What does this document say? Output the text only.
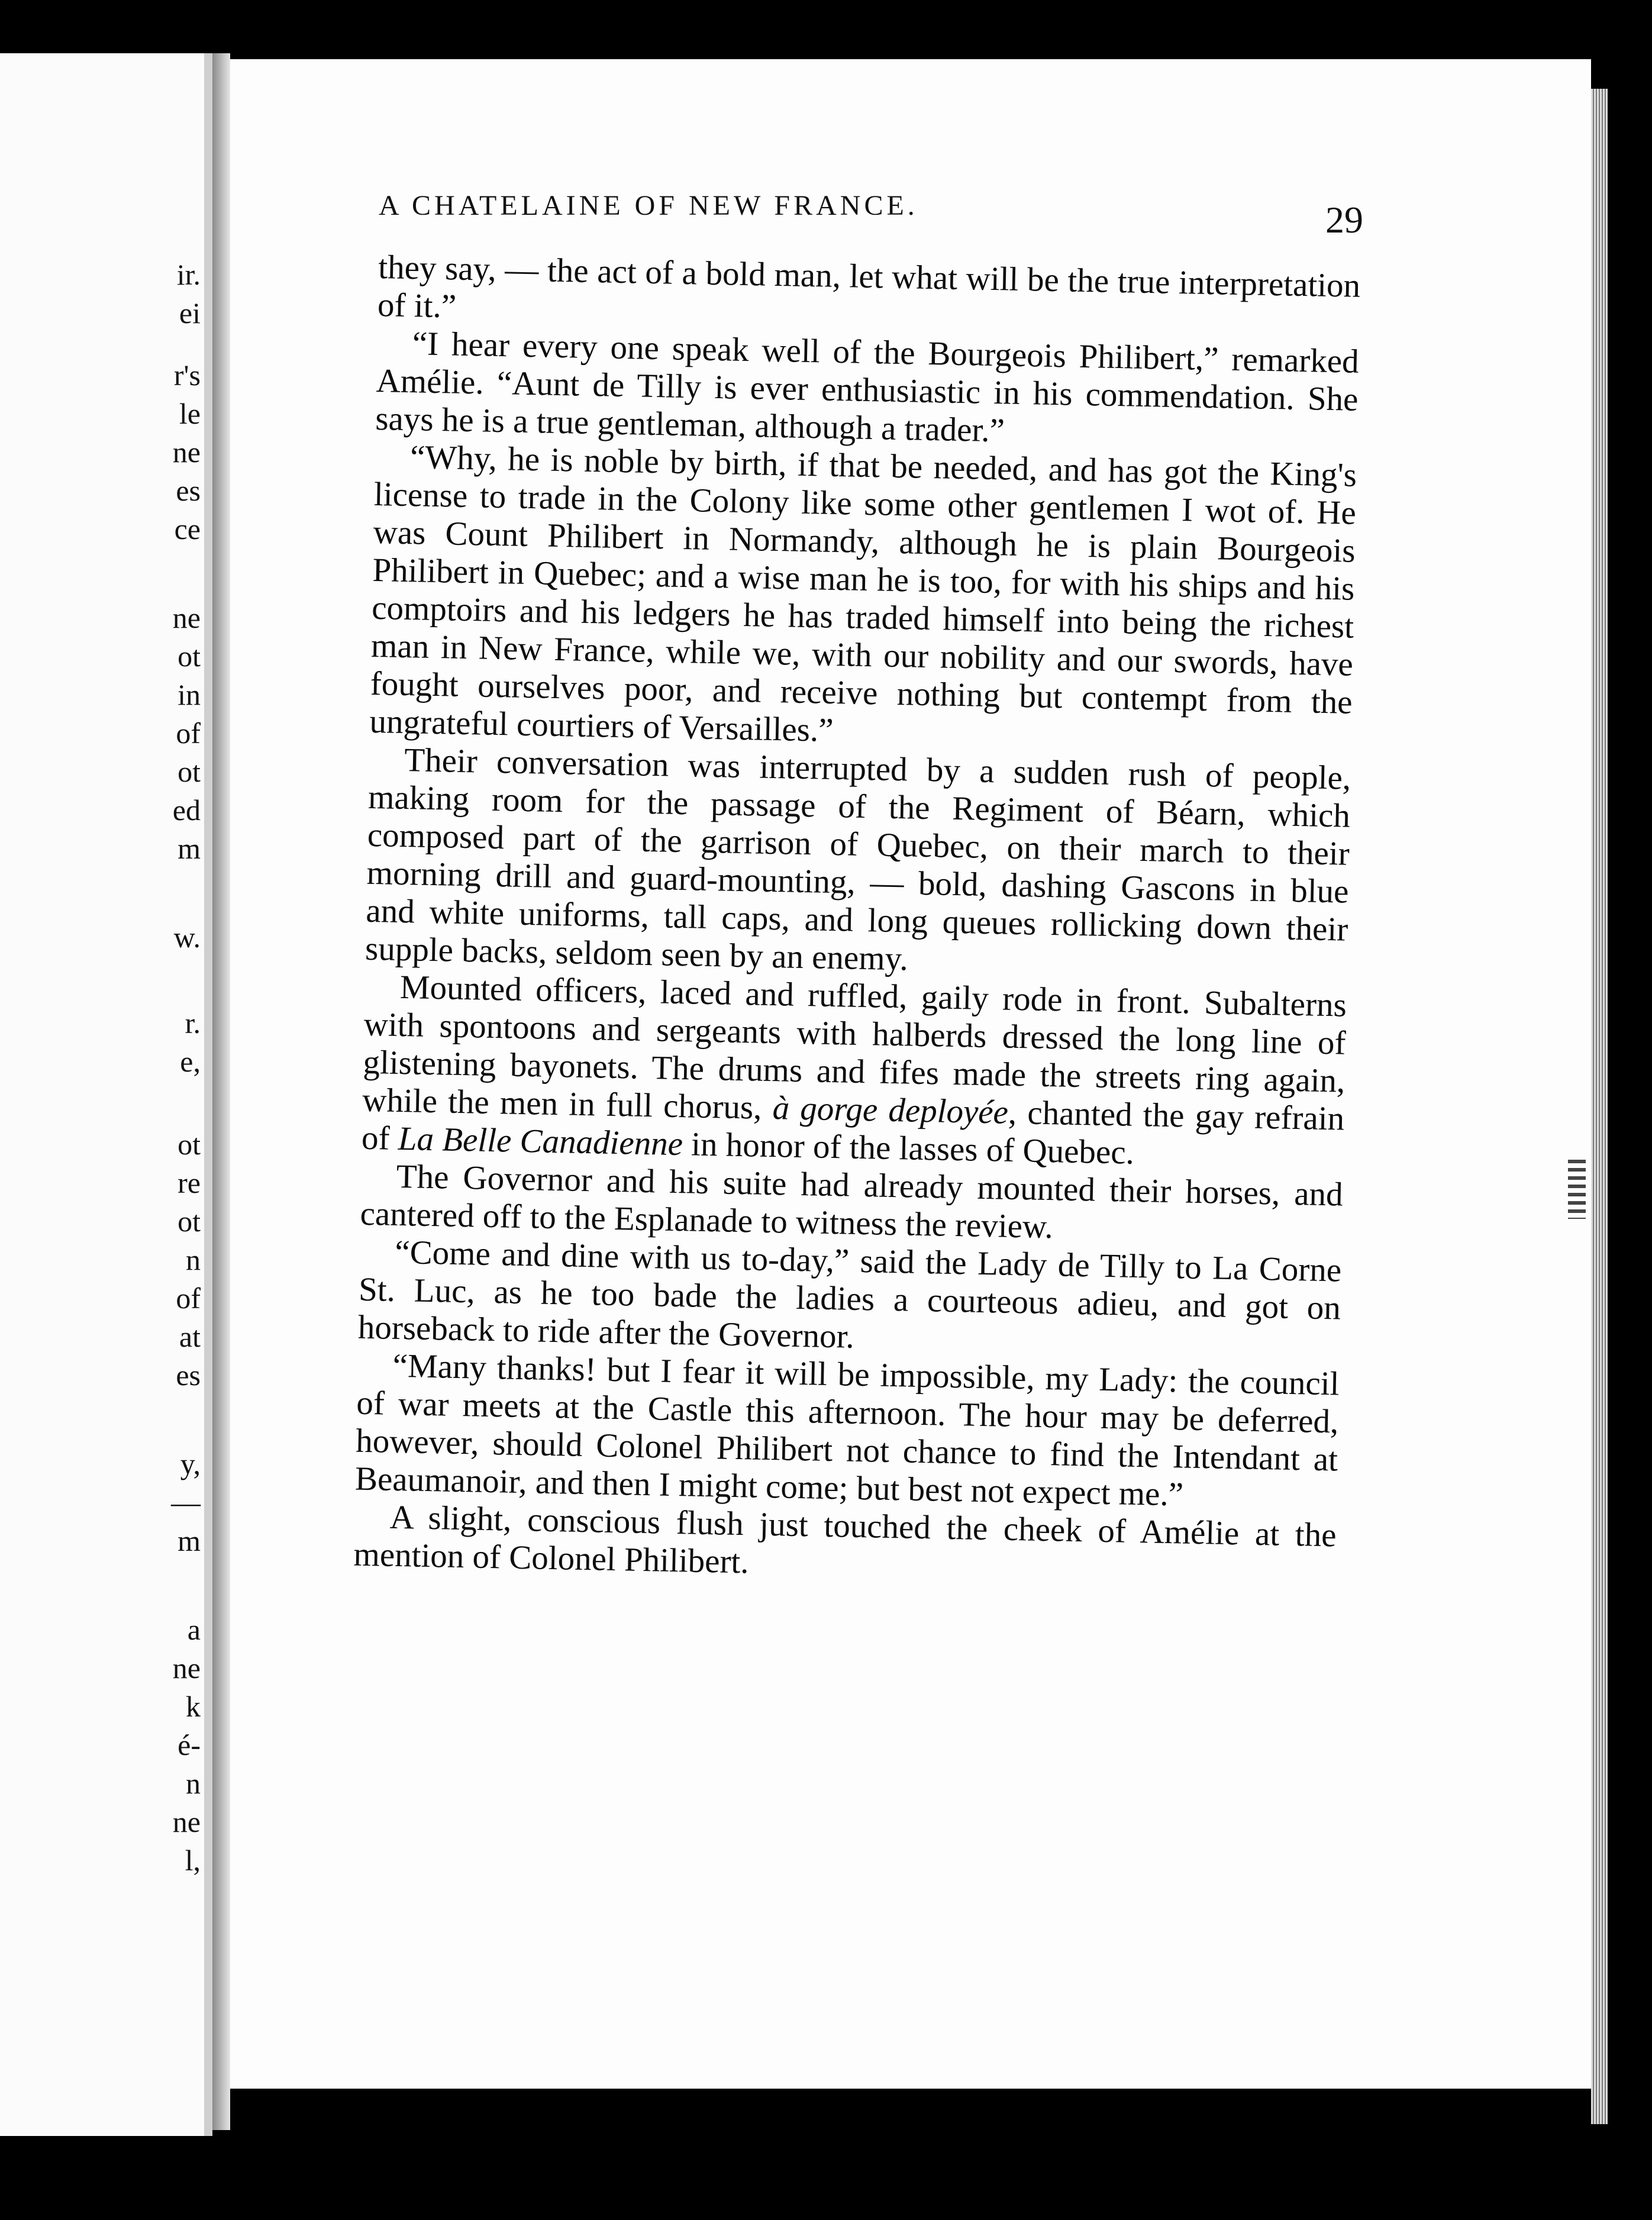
ir.
ei
r's
le
ne
es
ce
ne
ot
in
of
ot
ed
m
w.
r.
e,
ot
re
ot
n
of
at
es
y,
—
m
a
ne
k
é-
n
ne
l,
A CHATELAINE OF NEW FRANCE.	29

they say, — the act of a bold man, let what will be the true interpretation of it.”

“I hear every one speak well of the Bourgeois Philibert,” remarked Amélie. “Aunt de Tilly is ever enthusiastic in his commendation. She says he is a true gentleman, although a trader.”

“Why, he is noble by birth, if that be needed, and has got the King's license to trade in the Colony like some other gentlemen I wot of. He was Count Philibert in Normandy, although he is plain Bourgeois Philibert in Quebec; and a wise man he is too, for with his ships and his comptoirs and his ledgers he has traded himself into being the richest man in New France, while we, with our nobility and our swords, have fought ourselves poor, and receive nothing but contempt from the ungrateful courtiers of Versailles.”

Their conversation was interrupted by a sudden rush of people, making room for the passage of the Regiment of Béarn, which composed part of the garrison of Quebec, on their march to their morning drill and guard-mounting, — bold, dashing Gascons in blue and white uniforms, tall caps, and long queues rollicking down their supple backs, seldom seen by an enemy.

Mounted officers, laced and ruffled, gaily rode in front. Subalterns with spontoons and sergeants with halberds dressed the long line of glistening bayonets. The drums and fifes made the streets ring again, while the men in full chorus, à gorge deployée, chanted the gay refrain of La Belle Canadienne in honor of the lasses of Quebec.

The Governor and his suite had already mounted their horses, and cantered off to the Esplanade to witness the review.

“Come and dine with us to-day,” said the Lady de Tilly to La Corne St. Luc, as he too bade the ladies a courteous adieu, and got on horseback to ride after the Governor.

“Many thanks! but I fear it will be impossible, my Lady: the council of war meets at the Castle this afternoon. The hour may be deferred, however, should Colonel Philibert not chance to find the Intendant at Beaumanoir, and then I might come; but best not expect me.”

A slight, conscious flush just touched the cheek of Amélie at the mention of Colonel Philibert.
